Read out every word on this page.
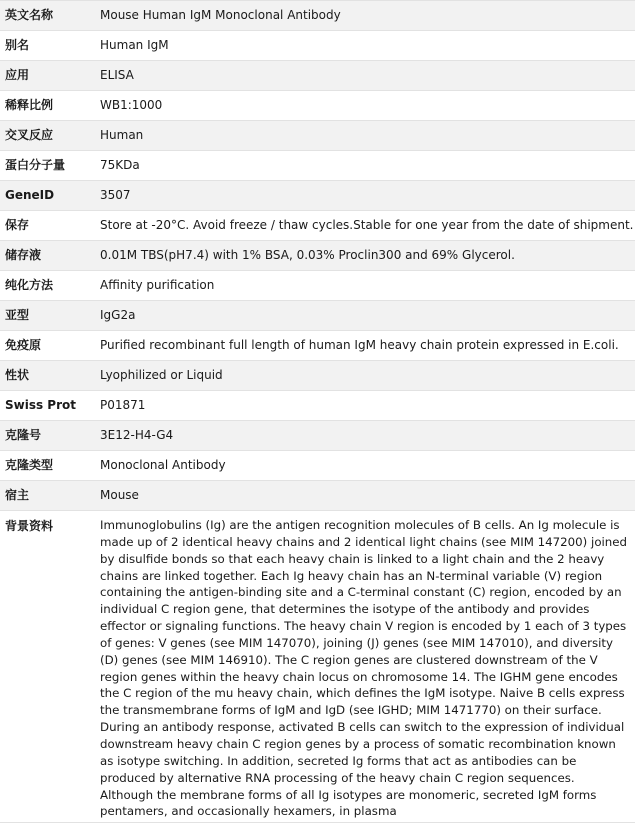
英文名称	Mouse Human IgM Monoclonal Antibody
别名	Human IgM
应用	ELISA
稀释比例	WB1:1000
交叉反应	Human
蛋白分子量	75KDa
GeneID	3507
保存	Store at -20°C. Avoid freeze / thaw cycles.Stable for one year from the date of shipment.
储存液	0.01M TBS(pH7.4) with 1% BSA, 0.03% Proclin300 and 69% Glycerol.
纯化方法	Affinity purification
亚型	IgG2a
免疫原	Purified recombinant full length of human IgM heavy chain protein expressed in E.coli.
性状	Lyophilized or Liquid
Swiss Prot	P01871
克隆号	3E12-H4-G4
克隆类型	Monoclonal Antibody
宿主	Mouse
背景资料	Immunoglobulins (Ig) are the antigen recognition molecules of B cells. An Ig molecule is made up of 2 identical heavy chains and 2 identical light chains (see MIM 147200) joined by disulfide bonds so that each heavy chain is linked to a light chain and the 2 heavy chains are linked together. Each Ig heavy chain has an N-terminal variable (V) region containing the antigen-binding site and a C-terminal constant (C) region, encoded by an individual C region gene, that determines the isotype of the antibody and provides effector or signaling functions. The heavy chain V region is encoded by 1 each of 3 types of genes: V genes (see MIM 147070), joining (J) genes (see MIM 147010), and diversity (D) genes (see MIM 146910). The C region genes are clustered downstream of the V region genes within the heavy chain locus on chromosome 14. The IGHM gene encodes the C region of the mu heavy chain, which defines the IgM isotype. Naive B cells express the transmembrane forms of IgM and IgD (see IGHD; MIM 1471770) on their surface. During an antibody response, activated B cells can switch to the expression of individual downstream heavy chain C region genes by a process of somatic recombination known as isotype switching. In addition, secreted Ig forms that act as antibodies can be produced by alternative RNA processing of the heavy chain C region sequences. Although the membrane forms of all Ig isotypes are monomeric, secreted IgM forms pentamers, and occasionally hexamers, in plasma
